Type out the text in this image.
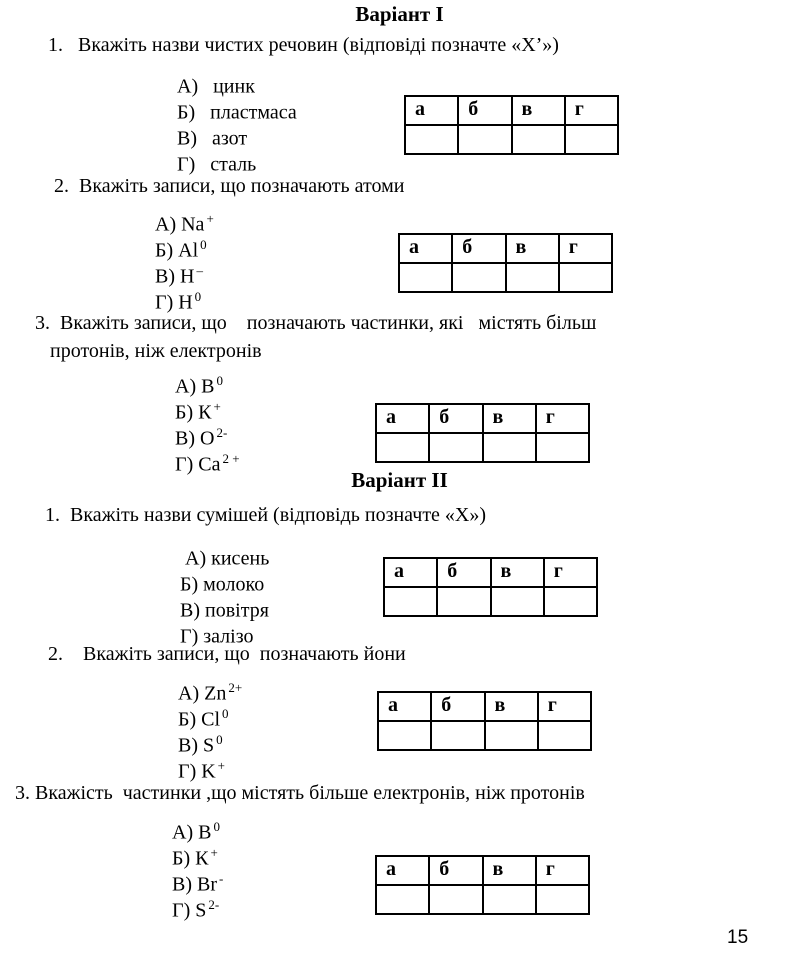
Варіант I
1.   Вкажіть назви чистих речовин (відповіді позначте «Х’»)
А)   цинк
Б)   пластмаса
В)   азот
Г)   сталь
а	б	в	г

2.  Вкажіть записи, що позначають атоми
А) Na +
Б) Al $^0$
В) H –
Г) H $^0$
а	б	в	г

3.  Вкажіть записи, що    позначають частинки, які   містять більш
протонів, ніж електронів
А) B $^0$
Б) К +
В) O $^{2-}$
Г) Ca $^{2 +}$
а	б	в	г

Варіант II
1.  Вкажіть назви сумішей (відповідь позначте «Х»)
А) кисень
Б) молоко
В) повітря
Г) залізо
а	б	в	г

2.    Вкажіть записи, що  позначають йони
А) Zn $^{2+}$
Б) Cl $^0$
В) S $^0$
Г) K +
а	б	в	г

3. Вкажість  частинки ,що містять більше електронів, ніж протонів
А) B $^0$
Б) К +
В) Br -
Г) S $^{2-}$
а	б	в	г

15
